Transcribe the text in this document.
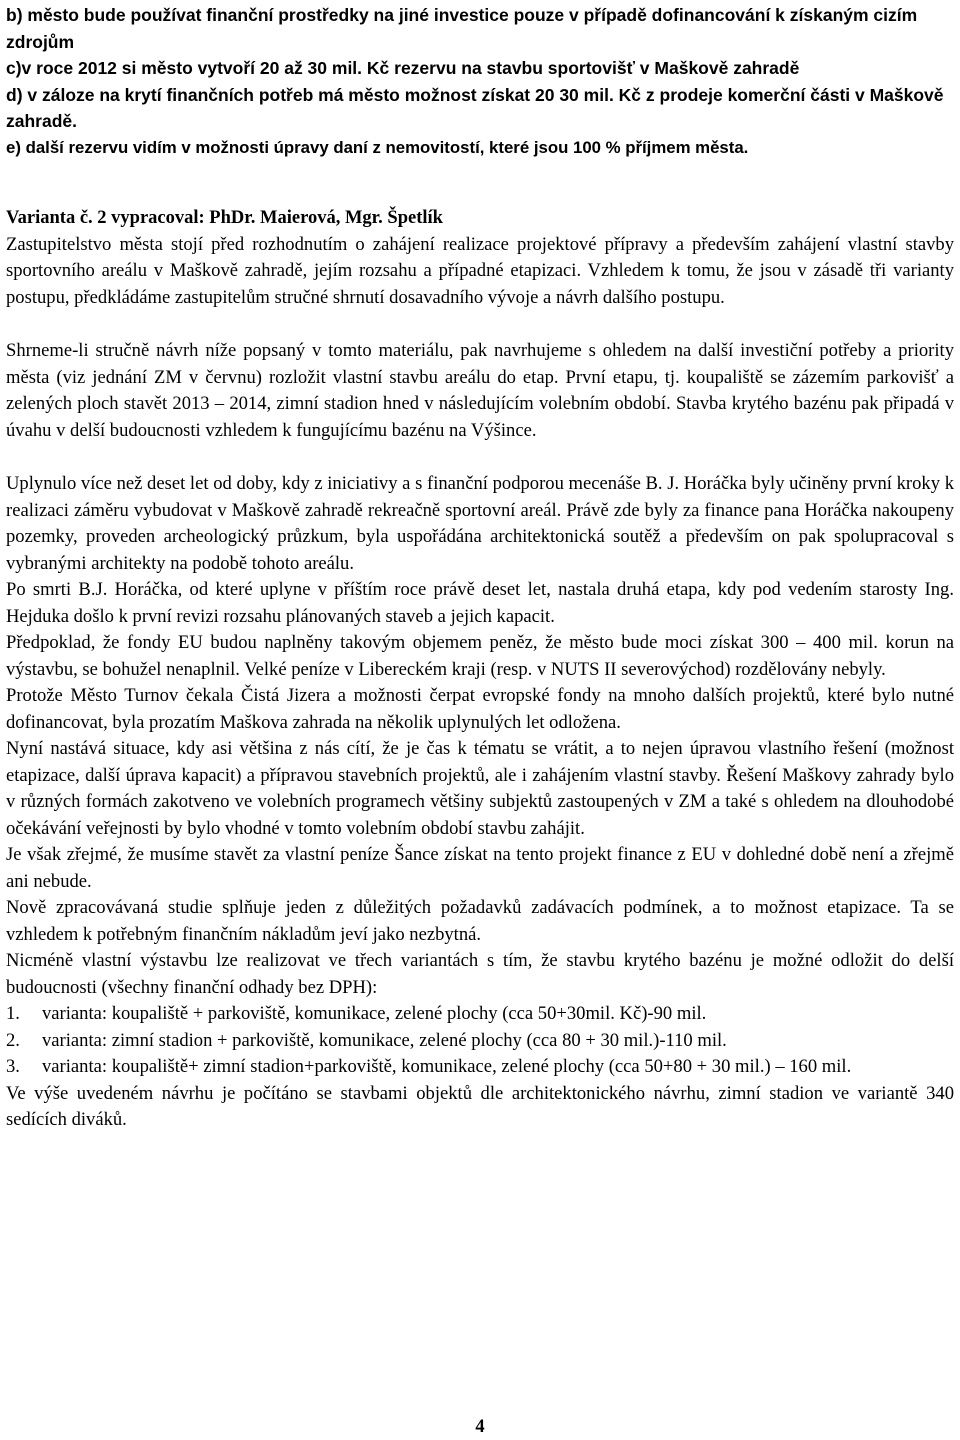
b) město bude používat finanční prostředky na jiné investice pouze v případě dofinancování k získaným cizím zdrojům

c)v roce 2012 si město vytvoří 20 až 30 mil. Kč rezervu na stavbu sportovišť v Maškově zahradě

d) v záloze na krytí finančních potřeb má město možnost získat 20 30 mil. Kč z prodeje komerční části v Maškově zahradě.

e) další rezervu vidím v možnosti úpravy daní z nemovitostí, které jsou 100 % příjmem města.

Varianta č. 2 vypracoval: PhDr. Maierová, Mgr. Špetlík

Zastupitelstvo města stojí před rozhodnutím o zahájení realizace projektové přípravy a především zahájení vlastní stavby sportovního areálu v Maškově zahradě, jejím rozsahu a případné etapizaci. Vzhledem k tomu, že jsou v zásadě tři varianty postupu, předkládáme zastupitelům stručné shrnutí dosavadního vývoje a návrh dalšího postupu.

Shrneme-li stručně návrh níže popsaný v tomto materiálu, pak navrhujeme s ohledem na další investiční potřeby a priority města (viz jednání ZM v červnu) rozložit vlastní stavbu areálu do etap. První etapu, tj. koupaliště se zázemím parkovišť a zelených ploch stavět 2013 – 2014, zimní stadion hned v následujícím volebním období. Stavba krytého bazénu pak připadá v úvahu v delší budoucnosti vzhledem k fungujícímu bazénu na Výšince.

Uplynulo více než deset let od doby, kdy z iniciativy a s finanční podporou mecenáše B. J. Horáčka byly učiněny první kroky k realizaci záměru vybudovat v Maškově zahradě rekreačně sportovní areál. Právě zde byly za finance pana Horáčka nakoupeny pozemky, proveden archeologický průzkum, byla uspořádána architektonická soutěž a především on pak spolupracoval s vybranými architekty na podobě tohoto areálu.

Po smrti B.J. Horáčka, od které uplyne v příštím roce právě deset let, nastala druhá etapa, kdy pod vedením starosty Ing. Hejduka došlo k první revizi rozsahu plánovaných staveb a jejich kapacit.

Předpoklad, že fondy EU budou naplněny takovým objemem peněz, že město bude moci získat 300 – 400 mil. korun na výstavbu, se bohužel nenaplnil. Velké peníze v Libereckém kraji (resp. v NUTS II severovýchod) rozdělovány nebyly.

Protože Město Turnov čekala Čistá Jizera a možnosti čerpat evropské fondy na mnoho dalších projektů, které bylo nutné dofinancovat, byla prozatím Maškova zahrada na několik uplynulých let odložena.

Nyní nastává situace, kdy asi většina z nás cítí, že je čas k tématu se vrátit, a to nejen úpravou vlastního řešení (možnost etapizace, další úprava kapacit) a přípravou stavebních projektů, ale i zahájením vlastní stavby. Řešení Maškovy zahrady bylo v různých formách zakotveno ve volebních programech většiny subjektů zastoupených v ZM a také s ohledem na dlouhodobé očekávání veřejnosti by bylo vhodné v tomto volebním období stavbu zahájit.

Je však zřejmé, že musíme stavět za vlastní peníze Šance získat na tento projekt finance z EU v dohledné době není a zřejmě ani nebude.

Nově zpracovávaná studie splňuje jeden z důležitých požadavků zadávacích podmínek, a to možnost etapizace. Ta se vzhledem k potřebným finančním nákladům jeví jako nezbytná.

Nicméně vlastní výstavbu lze realizovat ve třech variantách s tím, že stavbu krytého bazénu je možné odložit do delší budoucnosti (všechny finanční odhady bez DPH):

1.	varianta: koupaliště + parkoviště, komunikace, zelené plochy (cca 50+30mil. Kč)-90 mil.
2.	varianta: zimní stadion + parkoviště, komunikace, zelené plochy (cca 80 + 30 mil.)-110 mil.
3. varianta: koupaliště+ zimní stadion+parkoviště, komunikace, zelené plochy (cca 50+80 + 30 mil.) – 160 mil.

Ve výše uvedeném návrhu je počítáno se stavbami objektů dle architektonického návrhu, zimní stadion ve variantě 340 sedících diváků.

4
